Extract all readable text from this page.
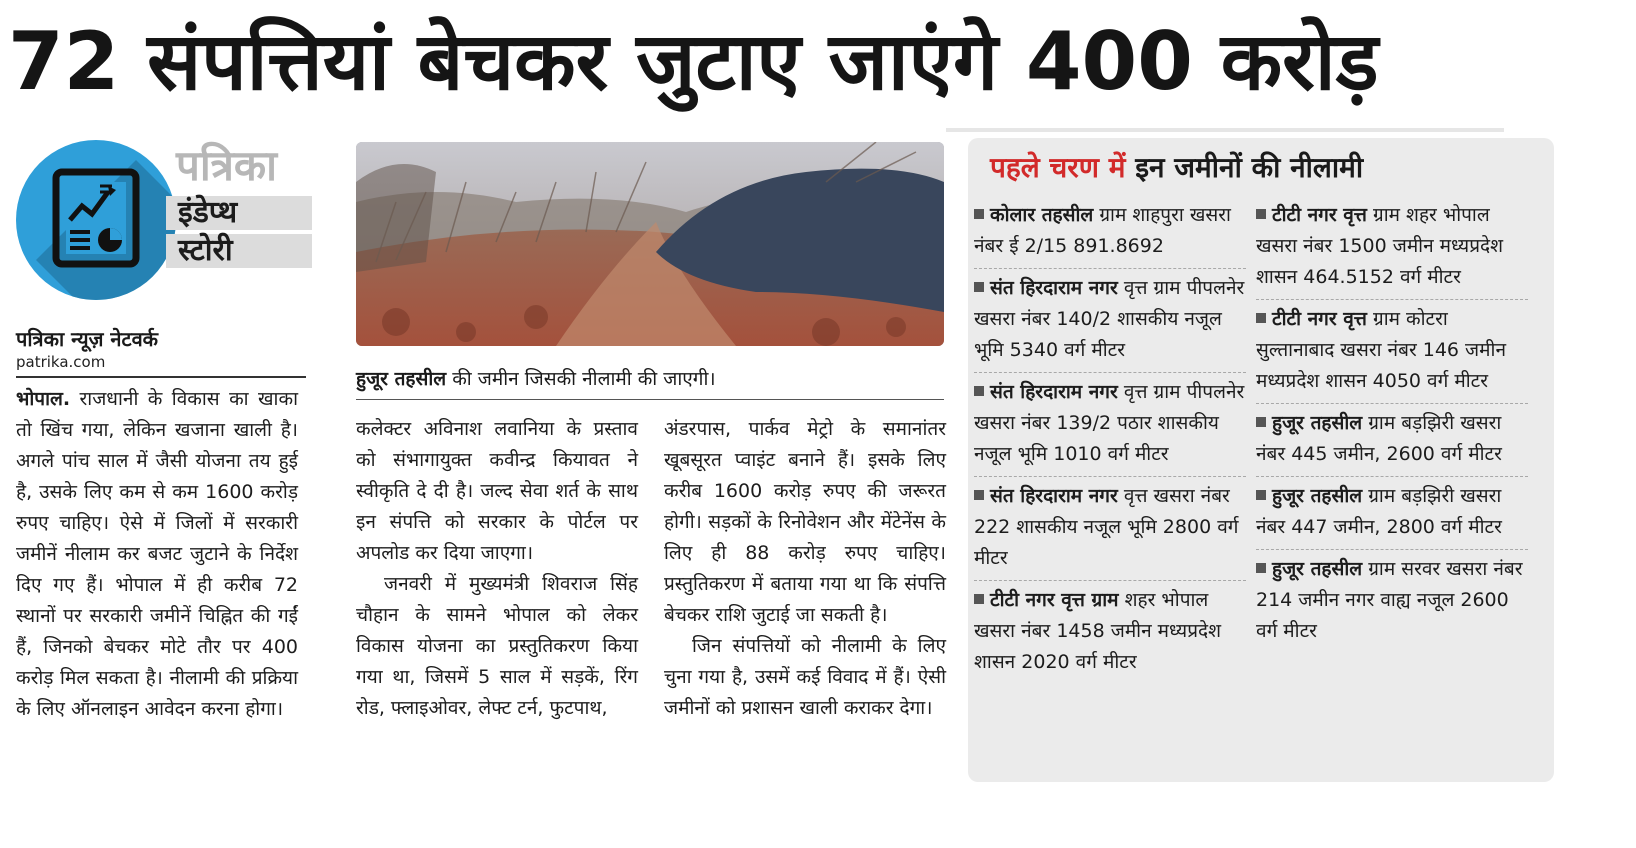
72 संपत्तियां बेचकर जुटाए जाएंगे 400 करोड़
पत्रिका
इंडेप्थ
स्टोरी
पत्रिका न्यूज़ नेटवर्क
patrika.com

भोपाल. राजधानी के विकास का खाका तो खिंच गया, लेकिन खजाना खाली है। अगले पांच साल में जैसी योजना तय हुई है, उसके लिए कम से कम 1600 करोड़ रुपए चाहिए। ऐसे में जिलों में सरकारी जमीनें नीलाम कर बजट जुटाने के निर्देश दिए गए हैं। भोपाल में ही करीब 72 स्थानों पर सरकारी जमीनें चिह्नित की गईं हैं, जिनको बेचकर मोटे तौर पर 400 करोड़ मिल सकता है। नीलामी की प्रक्रिया के लिए ऑनलाइन आवेदन करना होगा।

हुजूर तहसील की जमीन जिसकी नीलामी की जाएगी।

कलेक्टर अविनाश लवानिया के प्रस्ताव को संभागायुक्त कवीन्द्र कियावत ने स्वीकृति दे दी है। जल्द सेवा शर्त के साथ इन संपत्ति को सरकार के पोर्टल पर अपलोड कर दिया जाएगा।

जनवरी में मुख्यमंत्री शिवराज सिंह चौहान के सामने भोपाल को लेकर विकास योजना का प्रस्तुतिकरण किया गया था, जिसमें 5 साल में सड़कें, रिंग रोड, फ्लाइओवर, लेफ्ट टर्न, फुटपाथ,

अंडरपास, पार्कव मेट्रो के समानांतर खूबसूरत प्वाइंट बनाने हैं। इसके लिए करीब 1600 करोड़ रुपए की जरूरत होगी। सड़कों के रिनोवेशन और मेंटेनेंस के लिए ही 88 करोड़ रुपए चाहिए। प्रस्तुतिकरण में बताया गया था कि संपत्ति बेचकर राशि जुटाई जा सकती है।

जिन संपत्तियों को नीलामी के लिए चुना गया है, उसमें कई विवाद में हैं। ऐसी जमीनों को प्रशासन खाली कराकर देगा।

पहले चरण में इन जमीनों की नीलामी
कोलार तहसील ग्राम शाहपुरा खसरा नंबर ई 2/15 891.8692
संत हिरदाराम नगर वृत्त ग्राम पीपलनेर खसरा नंबर 140/2 शासकीय नजूल भूमि 5340 वर्ग मीटर
संत हिरदाराम नगर वृत्त ग्राम पीपलनेर खसरा नंबर 139/2 पठार शासकीय नजूल भूमि 1010 वर्ग मीटर
संत हिरदाराम नगर वृत्त खसरा नंबर 222 शासकीय नजूल भूमि 2800 वर्ग मीटर
टीटी नगर वृत्त ग्राम शहर भोपाल खसरा नंबर 1458 जमीन मध्यप्रदेश शासन 2020 वर्ग मीटर
टीटी नगर वृत्त ग्राम शहर भोपाल खसरा नंबर 1500 जमीन मध्यप्रदेश शासन 464.5152 वर्ग मीटर
टीटी नगर वृत्त ग्राम कोटरा सुल्तानाबाद खसरा नंबर 146 जमीन मध्यप्रदेश शासन 4050 वर्ग मीटर
हुजूर तहसील ग्राम बड़झिरी खसरा नंबर 445 जमीन, 2600 वर्ग मीटर
हुजूर तहसील ग्राम बड़झिरी खसरा नंबर 447 जमीन, 2800 वर्ग मीटर
हुजूर तहसील ग्राम सरवर खसरा नंबर 214 जमीन नगर वाह्य नजूल 2600 वर्ग मीटर
